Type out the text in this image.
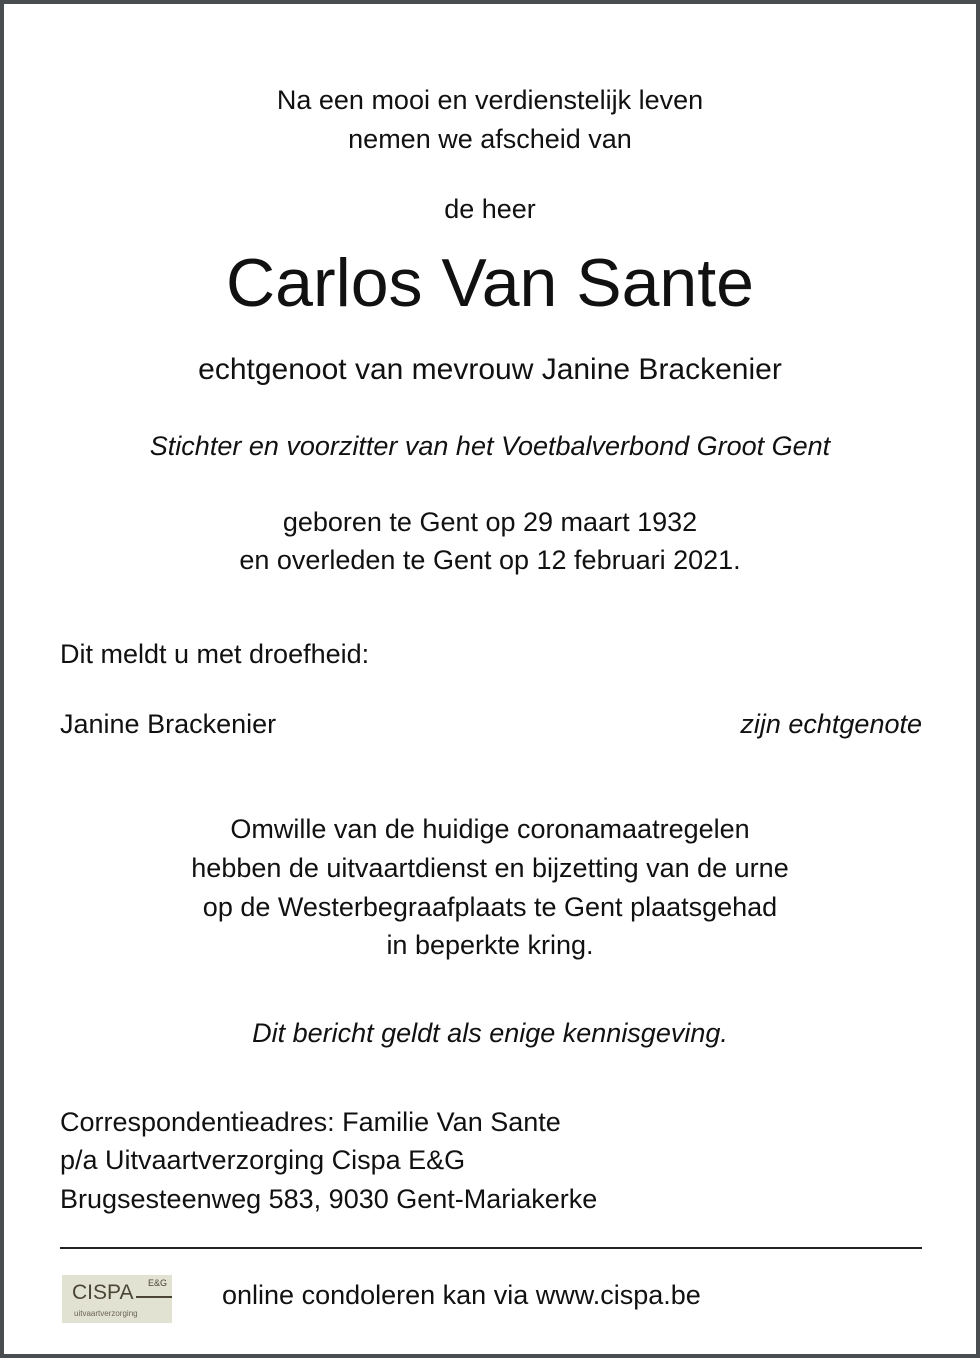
Na een mooi en verdienstelijk leven
nemen we afscheid van
de heer
Carlos Van Sante
echtgenoot van mevrouw Janine Brackenier
Stichter en voorzitter van het Voetbalverbond Groot Gent
geboren te Gent op 29 maart 1932
en overleden te Gent op 12 februari 2021.
Dit meldt u met droefheid:
Janine Brackenier	zijn echtgenote
Omwille van de huidige coronamaatregelen
hebben de uitvaartdienst en bijzetting van de urne
op de Westerbegraafplaats te Gent plaatsgehad
in beperkte kring.
Dit bericht geldt als enige kennisgeving.
Correspondentieadres: Familie Van Sante
p/a Uitvaartverzorging Cispa E&G
Brugsesteenweg 583, 9030 Gent-Mariakerke
CISPA E&G
uitvaartverzorging
online condoleren kan via www.cispa.be
